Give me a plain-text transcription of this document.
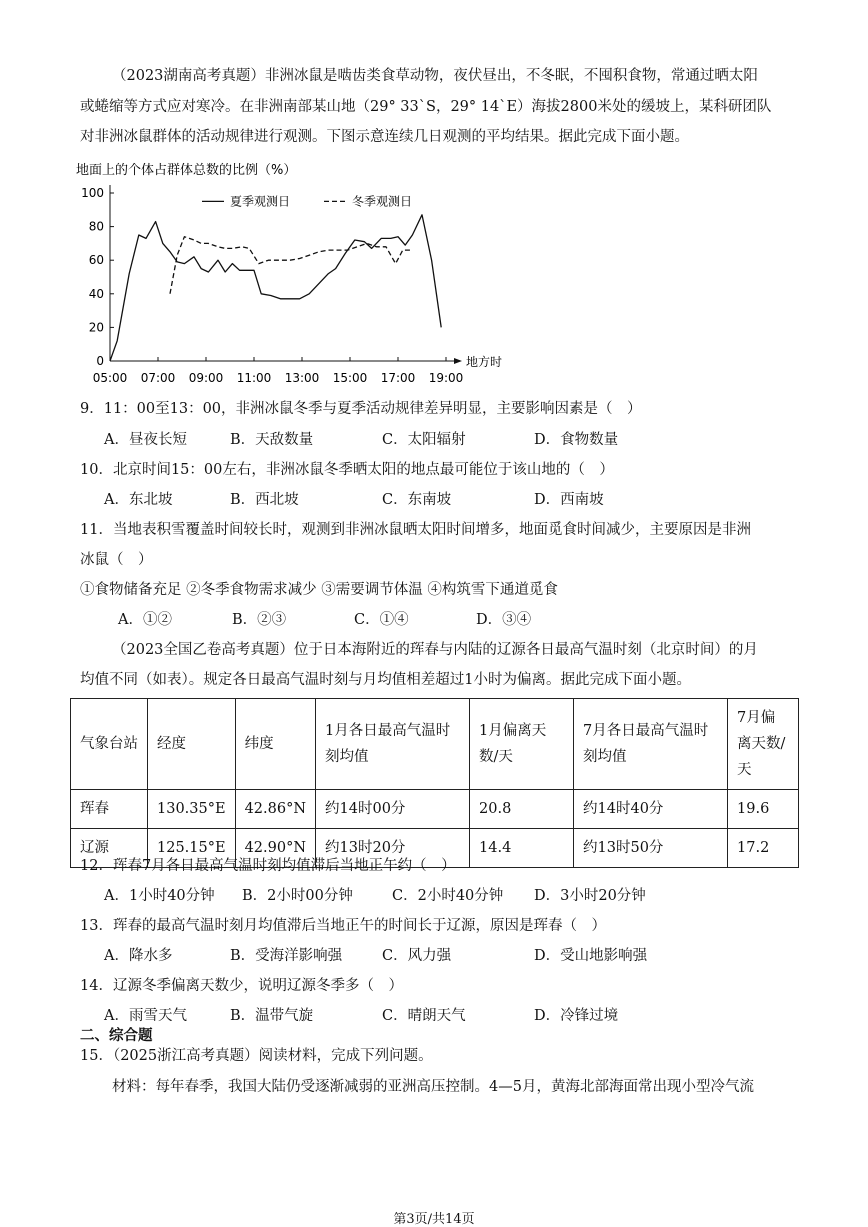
（2023湖南高考真题）非洲冰鼠是啮齿类食草动物，夜伏昼出，不冬眠，不囤积食物，常通过晒太阳
或蜷缩等方式应对寒冷。在非洲南部某山地（29° 33`S，29° 14`E）海拔2800米处的缓坡上，某科研团队
对非洲冰鼠群体的活动规律进行观测。下图示意连续几日观测的平均结果。据此完成下面小题。
地面上的个体占群体总数的比例（%）
地方时
0
20
40
60
80
100
05:00 07:00 09:00 11:00 13:00 15:00 17:00 19:00
夏季观测日	冬季观测日
9．11：00至13：00，非洲冰鼠冬季与夏季活动规律差异明显，主要影响因素是（　）
A．昼夜长短	B．天敌数量	C．太阳辐射	D．食物数量
10．北京时间15：00左右，非洲冰鼠冬季晒太阳的地点最可能位于该山地的（　）
A．东北坡	B．西北坡	C．东南坡	D．西南坡
11．当地表积雪覆盖时间较长时，观测到非洲冰鼠晒太阳时间增多，地面觅食时间减少，主要原因是非洲
冰鼠（　）
①食物储备充足 ②冬季食物需求减少 ③需要调节体温 ④构筑雪下通道觅食
A．①②	B．②③	C．①④	D．③④
（2023全国乙卷高考真题）位于日本海附近的珲春与内陆的辽源各日最高气温时刻（北京时间）的月
均值不同（如表）。规定各日最高气温时刻与月均值相差超过1小时为偏离。据此完成下面小题。
气象台站	经度	纬度	1月各日最高气温时刻均值	1月偏离天数/天	7月各日最高气温时刻均值	7月偏离天数/天
珲春	130.35°E	42.86°N	约14时00分	20.8	约14时40分	19.6
辽源	125.15°E	42.90°N	约13时20分	14.4	约13时50分	17.2
12．珲春7月各日最高气温时刻均值滞后当地正午约（　）
A．1小时40分钟 B．2小时00分钟	C．2小时40分钟 D．3小时20分钟
13．珲春的最高气温时刻月均值滞后当地正午的时间长于辽源，原因是珲春（　）
A．降水多	B．受海洋影响强	C．风力强	D．受山地影响强
14．辽源冬季偏离天数少，说明辽源冬季多（　）
A．雨雪天气	B．温带气旋	C．晴朗天气	D．冷锋过境
二、综合题
15．（2025浙江高考真题）阅读材料，完成下列问题。
材料：每年春季，我国大陆仍受逐渐减弱的亚洲高压控制。4—5月，黄海北部海面常出现小型冷气流
第3页/共14页
